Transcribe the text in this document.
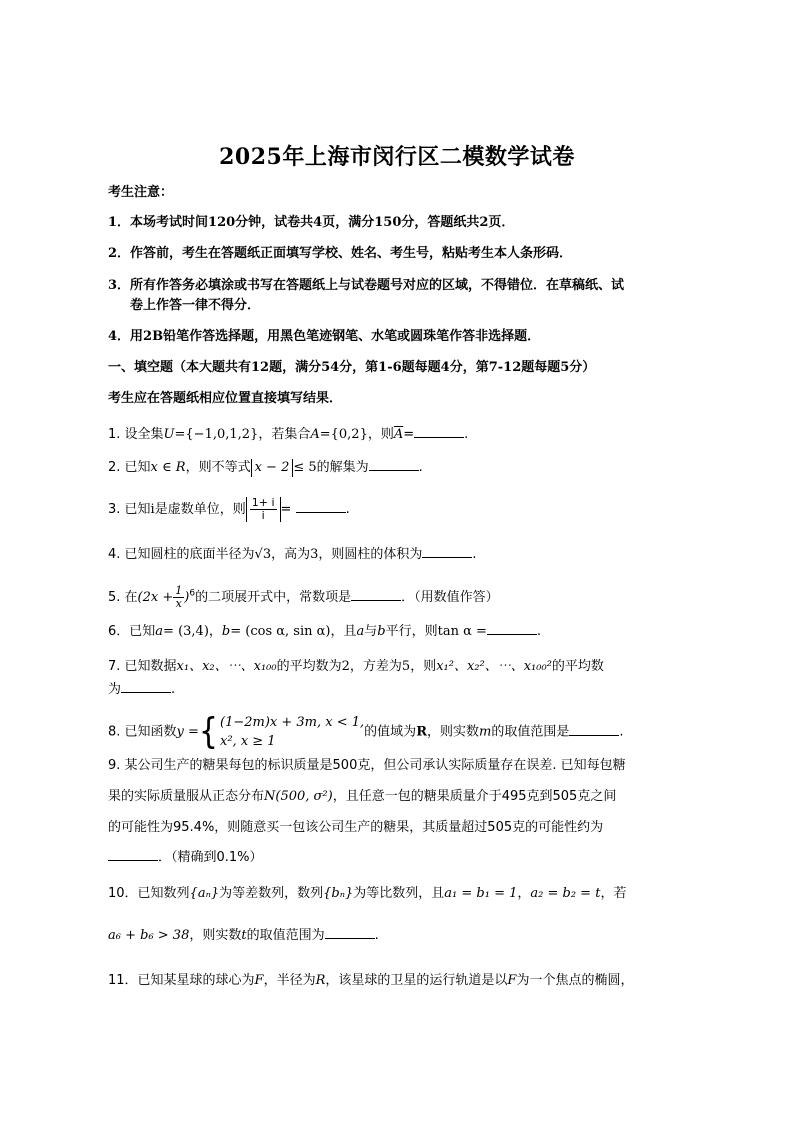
2025年上海市闵行区二模数学试卷
考生注意：
1．本场考试时间120分钟，试卷共4页，满分150分，答题纸共2页．
2．作答前，考生在答题纸正面填写学校、姓名、考生号，粘贴考生本人条形码．
3．所有作答务必填涂或书写在答题纸上与试卷题号对应的区域，不得错位．在草稿纸、试
卷上作答一律不得分．
4．用2B铅笔作答选择题，用黑色笔迹钢笔、水笔或圆珠笔作答非选择题．
一、填空题（本大题共有12题，满分54分，第1-6题每题4分，第7-12题每题5分）
考生应在答题纸相应位置直接填写结果．
1. 设全集U={−1,0,1,2}，若集合A={0,2}，则$\overline{A}=$	.
2. 已知x ∈ R，则不等式 x − 2 ≤ 5的解集为	.
3. 已知i是虚数单位，则 $\frac{1+ i}{i}$ =	.
4. 已知圆柱的底面半径为√3，高为3，则圆柱的体积为	.
5. 在$(2x + \frac{1}{x} )^6$的二项展开式中，常数项是	．（用数值作答）
6．已知a= (3,4)，b= (cos α, sin α)，且a与b平行，则tan α =	.
7. 已知数据x₁、x₂、⋯、x₁₀₀的平均数为2，方差为5，则x₁²、x₂²、⋯、x₁₀₀²的平均数
为	.
8. 已知函数y ={ (1−2m)x + 3m, x < 1,
x², x ≥ 1
的值域为R，则实数m的取值范围是	.
9. 某公司生产的糖果每包的标识质量是500克，但公司承认实际质量存在误差. 已知每包糖
果的实际质量服从正态分布N(500, σ²)，且任意一包的糖果质量介于495克到505克之间
的可能性为95.4%，则随意买一包该公司生产的糖果，其质量超过505克的可能性约为
．（精确到0.1%）
10．已知数列{aₙ}为等差数列，数列{bₙ}为等比数列，且a₁ = b₁ = 1，a₂ = b₂ = t，若
a₆ + b₆ > 38，则实数t的取值范围为	.
11．已知某星球的球心为F，半径为R，该星球的卫星的运行轨道是以F为一个焦点的椭圆，
